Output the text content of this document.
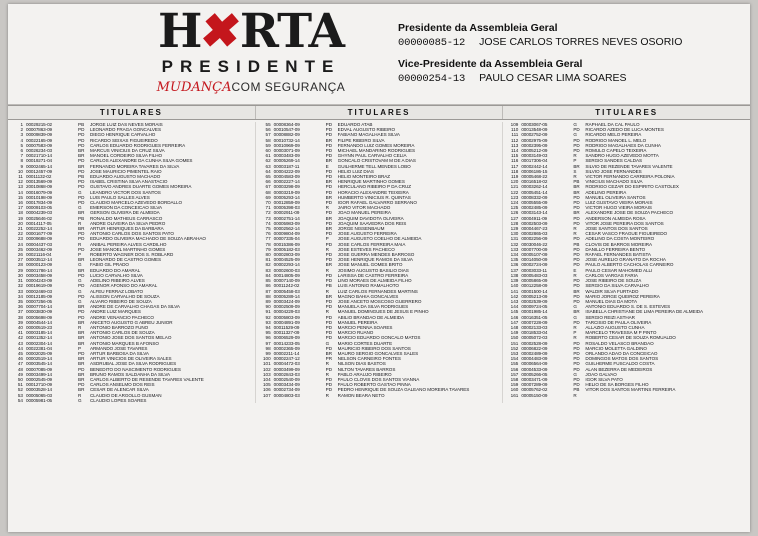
H✖RTA
PRESIDENTE
MUDANÇACOM SEGURANÇA
Presidente da Assembleia Geral
00000085-12 JOSE CARLOS TORRES NEVES OSORIO
Vice-Presidente da Assembleia Geral
00000254-13 PAULO CESAR LIMA SOARES
TITULARES	TITULARES	TITULARES
1 00029215-02	PB	JORGE LUIZ DAS NEVES MORAIS
2 00007863-09	PD	LEONARDO FRAGA GONCALVES
3 00009839-09	PD	DIEGO HENRIQUE CARVALHO
4 00022165-09	PD	RICARDO SEIXAS FIGUEIREDO
5 00007583-09	PD	CARLOS EDUARDO RODRIGUES FERREIRA
6 00026234-03	BR	MARCUS VINICIUS DA CRUZ SILVA
7 00021710-14	BR	MANOEL CORDEIRO SILVA FILHO
8 00019271-04	PD	CARLOS ALEXANDRE DA CUNHA SILVA GOMES
9 00002465-14	BR	FERNANDO MOREIRA TAVARES DA SILVA
10 00012457-09	PD	JOSE MAURICIO PIMENTEL RAIO
11 00011132-02	PB	EDUARDO AUGUSTO MACHADO
12 00013569-09	PD	ISABEL CRISTINA SILVA ANASTACIO
13 20010868-09	PD	GUSTAVO ANDRES DUARTE GOMES MOREIRA
14 00016079-09	G	LEANDRO VICTOR DOS SANTOS
15 00010198-09	PD	LUIS PAULO SALLES ALVES
16 00017834-09	PD	CLAUDIO MARCELO AZEVEDO BORDALLO
17 00009103-05	G	EMERSON DA CONCEICAO SILVA
18 00004239-03	BR	GERSON OLIVEIRA DE ALMEIDA
19 00025646-02	PB	RONALDO MATHEUS CARRASCO
20 00014117-05	R	ANDRE OLIVEIRA DA SILVA PEDRO
21 00022252-14	BR	ARTUR HENRIQUES DA BARBARA
22 00001677-09	PD	ANTONIO CARLOS DOS SANTOS PATO
23 00009688-09	PD	EDUARDO OLIVEIRA MACHADO DE SOUZA ABRAHAO
24 00004437-03	R	ANIBAL PEREIRA ALVES CARDILHO
25 00003462-09	PD	JOSE MANOEL MARTINHO GOMES
26 00021116-04	P	ROBERTO WAGNER DOS S. ROBLARD
27 00003512-14	BR	LEONARDO DE CASTRO GOMES
28 00000123-09	G	FABIO GIL PRADO
29 00001786-14	BR	EDUARDO DO AMARAL
30 00003458-09	PD	LUCIO CARVALHO SILVA
31 00004243-09	G	ADELINO RIBEIRO ALVES
32 00019619-09	PD	AGENOR AFONSO DO AMARAL
33 00002469-03	G	ALFEU FERRAZ LOBATO
34 00012185-09	PD	ALISSON CARVALHO DE SOUZA
35 00007256-05	G	ALVARO RIBEIRO DE SOUZA
36 00007704-14	BR	ANDRE DE CARVALHO CHAGAS DA SILVA
37 00003830-09	PD	ANDRE LUIZ MARQUES
38 00005698-09	PD	ANDRE VENANCIO PACHECO
39 00004544-14	BR	ANICETO AUGUSTO G ABREU JUNIOR
40 00000519-23	R	ANTONIO BARROZO FUNO
41 00003185-14	BR	ANTONIO CARLOS DE SOUZA
42 00001352-14	BR	ANTONIO JOSE DOS SANTOS MELAO
43 00002304-14	BR	ANTONIO MARQUES B AFONSO
44 00022381-04	P	ARMANDO JOSE TAVARES
45 00002025-09	PD	ARTUR BARBOSA DA SILVA
46 00002519-14	BR	ARTUR VINICIOS DE OLIVEIRA SALES
47 00003545-14	BR	ASDRUBAL JOSE DA SILVA RODRIGUES
48 00007085-09	PD	BENEDITO DO NASCIMENTO RODRIGUES
49 00003499-14	BR	BRUNO RAMOS SALDANHA DA SILVA
50 00002545-09	BR	CARLOS ALBERTO DE RESENDE TAVARES VALENTE
51 00012710-09	PD	CARLOS ANSELMO DOS REIS
52 00003528-14	BR	CESAR DE ALENCAR SILVA
53 00005065-03	R	CLAUDIO DE ARGOLLO GUSMAN
54 00005981-05	G	CLAUDIO LOPES SOARES
55 00008364-09	PD	EDUARDO ATAB
56 00010547-09	PD	EDVAL AUGUSTO RIBEIRO
57 00008882-09	PD	FABIANO MAGALHAES SILVA
58 00010732-14	BR	FILIPE RIBEIRO SILVA
59 00010969-09	PD	FERNANDO LUIZ GOMES MOREIRA
60 00003071-09	PD	MICHAEL MANDARINO RODRIGUES
61 00003483-09	PD	GHYNN PAUL CARVALHO CELIA
62 00005269-14	BR	GONCALO CRISTOVAM M DE A DIAS
63 00003187-11	E	GUILHERME TELL MENDES LOBO
64 00004222-09	PD	HELIO LUIZ DIAS
65 00004583-09	PD	HELIO MONTEIRO BRAZ
66 00002227-14	BR	HENRIQUE MARTINHO GOMES
67 00003298-09	PD	HERCULANO RIBEIRO P DA CRUZ
68 00003219-09	PD	HORACIO ALEXANDRE TEIXEIRA
69 00005293-14	BR	HUMBERTO VINICIUS R. QUINTAS
70 00012859-09	PD	IGOR RAFAEL GALVARRO SERRANO
71 00005398-03	R	JAIRO VITOR MACHADO
72 00002911-09	PD	JOAO MANUEL PEREIRA
73 00002751-14	BR	JOAQUIM DAVIDOTA OLIVEIRA
74 00005983-09	PD	JOAQUIM SAAVEDRA DOS REIS
75 00002562-14	BR	JORGE NISSENBAUM
76 00009804-09	PD	JOSE AUGUSTO FERREIRA
77 00007335-04	P	JOSE AUGUSTO COELHO DE ALMEIDA
78 00015386-09	PD	JOSE CARLOS FERREIRA MAIA
79 00005182-03	R	JOSE ESTEVES PACHECO
80 00002803-09	PD	JOSE GUERRA MENDES BARROSO
81 00004525-09	PD	JOSE HENRIQUE RAMOS DA SILVA
82 00002293-14	BR	JOSE MANUEL GOMES BRITO
83 00002600-03	R	JOSIMO AUGUSTO BASILIO DIAS
84 00014805-09	PD	LARISSA DE CASTRO FERREIRA
85 00007140-09	PD	LINO MORAES DE ALMEIDA FILHO
86 00011242-02	PB	LUIS ANTONIO RAMALHOTO
87 00005458-03	R	LUIZ CARLOS FERNANDES MARTINS
88 00005289-14	BR	MAGNO BAHIA GONCALVES
89 00003424-09	PD	JOSE ANCETO MOSCOSO GUERRERO
90 00002509-09	PD	MANUELA DA SILVA RODRIGUES
91 00004229-03	R	MANUEL DOMINGUES DE JESUS E PINHO
92 00005803-09	PD	ABILIO BRANDAO DE ALMEIDA
93 00004891-09	PD	MANUEL PEREIRA
94 00011529-09	PD	MARCIO PENNA SOARES
95 00011327-09	PD	MARCIO RUANO
96 00006529-09	PD	MARCIO EDUARDO GONCALO MATOS
97 00014233-05	G	MARIO CORTES DUARTE
98 00002365-09	PD	MAURICIO RIBEIRO DOS SANTOS
99 00002211-14	BR	MAURO SERGIO GONCALVES SALES
100 00002247-12	PR	NELSON CARNEIRO FONTES
101 00004472-03	R	NILSON DIAS BASTOS
102 00003499-09	PD	NILTON TAVARES BARROS
103 00002843-03	R	PABLO ARAUJO RIBEIRO
104 00002540-09	PD	PAULO CLOVIS DOS SANTOS VIANNA
105 00003434-09	PD	PAULO ROBERTO GASTAO PINNA
106 00002734-09	PD	PEDRO HENRIQUE DE SOUZA GALEANO MOREIRA TAVARES
107 00004803-03	R	RAMON BEARA NETO
109 00003067-05	G	RAPHAEL DA CAL PAULO
110 00013548-09	PD	RICARDO AZEDO DE LUCA MONTES
111 00002752-09	G	RICARDO MELO PEREIRA
112 00002975-09	PD	RODRIGO MANOEL L. MELO
113 00002395-09	PD	RODRIGO MAGALHAES DA CUNHA
114 00005212-09	PD	ROMULO CAPELO TEIXEIRA
115 00003149-03	R	SANDRO HUGO AZEVEDO MOTTA
116 00017306-04	P	SERGIO SANDES CALDAS
117 00002442-14	BR	SILVIO DE REZENDE TAVARES VALENTE
118 00006186-15	S	SILVIO JOSE FERNANDES
119 00005468-22	R	VICTOR FERNANDO CARREIRA POLONIA
120 00016518-02	PB	VINICIUS MACHADO SILVA
121 00003262-14	BR	RODRIGO CEZAR DO ESPIRITO CASTOLEX
122 00005451-14	BR	ADELINO PEREIRA
123 00008332-09	PD	MANUEL OLIVEIRA SANTOS
124 00005555-09	PD	LUIZ GUSTAVO VIEIRA MORAIS
125 00002485-09	PD	VICTOR HUGO VIEIRA MORAIS
126 00003143-14	BR	ALEXANDRE JOSE DE SOUZA PACHECO
127 00004911-09	PD	ANDERSON ALMEIDA ROSA
128 00002503-09	PD	VITOR JOSE PEREIRA DOS SANTOS
129 00004467-23	R	JOSE SANTOS DOS SANTOS
130 00002865-03	R	CESAR VASCO FRAGUE FIGUEIREDO
131 00002256-09	PD	ADELINO DA COSTA MONTEIRO
132 00030046-22	PB	CLOVIS DE BARROS MOREIRA
133 00007700-09	PD	DANILLO FERREIRA BENTO
134 00005107-09	PD	RAFAEL FERNANDES BATISTA
135 00014050-09	PD	JOSE AURELIO GRANATO DA ROCHA
136 00002724-09	PD	PAULO ALBERTO CACHOLAS CARNEIRO
137 00003033-11	E	PAULO CESAR MAHOMED ALLI
138 00005483-03	R	CARLOS VARGAS FARIA
139 00005865-09	PD	JOSE RIBEIRO DE SOUZA
140 00012258-09	PD	SERGIO DA SILVA CARVALHO
141 00001500-14	BR	WALDIR SILVA FURTADO
142 00005213-09	PD	MARIO JORGE QUEIROZ PEREIRA
143 00002539-09	PD	MANUEL DIAS DA MOTA
144 00009724-05	G	ANTONIO EDUARDO S. DE S. ESTEVES
145 00001985-14	BR	ISABELLA CHRISTIANE DE LIMA PEREIRA DE ALMEIDA
146 00016351-05	G	SERGIO REIZI ASTHAR
147 00007228-09	PD	TARCISIO DE PAULA OLIVEIRA
148 00002133-03	R	ALLAZIO AUGUSTO CUNHA
149 00018533-04	P	MARCELO TRAVESSA M P PINTO
150 00005072-03	R	ROBERTO CESAR DE SOUZA ROMUALDO
151 00002528-09	PD	ROSALDO VELASCO BRANDAO
152 00006822-09	PD	MARCIO MOLETTA GALDINO
153 00002489-09	PD	ORLANDO ADAO DA CONCEICAO
154 00004483-09	PD	DOMINGOS MATOS DOS SANTOS
155 00006564-09	PD	GUILHERME FUSCALDO COSTA
156 00004533-09	PD	ALAN BEZERRA DE MEDEIROS
157 00005266-05	G	JOAO GALVAO
158 00003471-09	PD	IGOR SILVA PATO
159 00007289-09	PD	HELIO DE SA BORGES FILHO
160 00005762-02	PB	VITOR DOS SANTOS MARTINS FERREIRA
161 00005150-09	R
